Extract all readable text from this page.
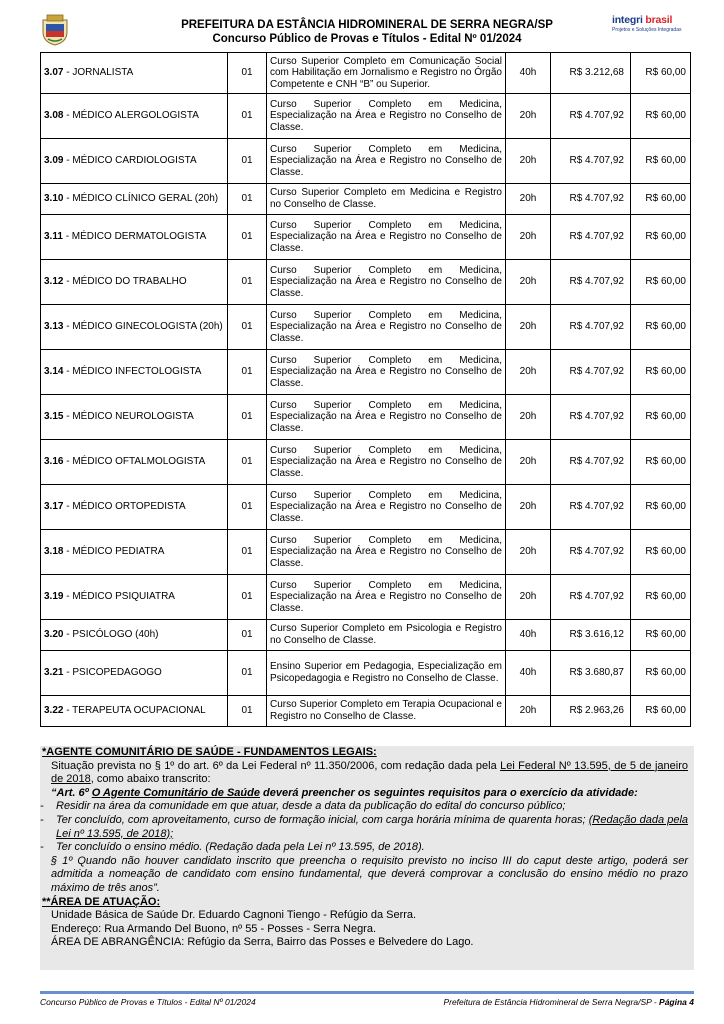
PREFEITURA DA ESTÂNCIA HIDROMINERAL DE SERRA NEGRA/SP
Concurso Público de Provas e Títulos - Edital Nº 01/2024
integri brasil
Projetos e Soluções Integradas
3.07 - JORNALISTA	01	Curso Superior Completo em Comunicação Social com Habilitação em Jornalismo e Registro no Órgão Competente e CNH “B” ou Superior.	40h	R$ 3.212,68	R$ 60,00
3.08 - MÉDICO ALERGOLOGISTA	01	Curso Superior Completo em Medicina, Especialização na Área e Registro no Conselho de Classe.	20h	R$ 4.707,92	R$ 60,00
3.09 - MÉDICO CARDIOLOGISTA	01	Curso Superior Completo em Medicina, Especialização na Área e Registro no Conselho de Classe.	20h	R$ 4.707,92	R$ 60,00
3.10 - MÉDICO CLÍNICO GERAL (20h)	01	Curso Superior Completo em Medicina e Registro no Conselho de Classe.	20h	R$ 4.707,92	R$ 60,00
3.11 - MÉDICO DERMATOLOGISTA	01	Curso Superior Completo em Medicina, Especialização na Área e Registro no Conselho de Classe.	20h	R$ 4.707,92	R$ 60,00
3.12 - MÉDICO DO TRABALHO	01	Curso Superior Completo em Medicina, Especialização na Área e Registro no Conselho de Classe.	20h	R$ 4.707,92	R$ 60,00
3.13 - MÉDICO GINECOLOGISTA (20h)	01	Curso Superior Completo em Medicina, Especialização na Área e Registro no Conselho de Classe.	20h	R$ 4.707,92	R$ 60,00
3.14 - MÉDICO INFECTOLOGISTA	01	Curso Superior Completo em Medicina, Especialização na Área e Registro no Conselho de Classe.	20h	R$ 4.707,92	R$ 60,00
3.15 - MÉDICO NEUROLOGISTA	01	Curso Superior Completo em Medicina, Especialização na Área e Registro no Conselho de Classe.	20h	R$ 4.707,92	R$ 60,00
3.16 - MÉDICO OFTALMOLOGISTA	01	Curso Superior Completo em Medicina, Especialização na Área e Registro no Conselho de Classe.	20h	R$ 4.707,92	R$ 60,00
3.17 - MÉDICO ORTOPEDISTA	01	Curso Superior Completo em Medicina, Especialização na Área e Registro no Conselho de Classe.	20h	R$ 4.707,92	R$ 60,00
3.18 - MÉDICO PEDIATRA	01	Curso Superior Completo em Medicina, Especialização na Área e Registro no Conselho de Classe.	20h	R$ 4.707,92	R$ 60,00
3.19 - MÉDICO PSIQUIATRA	01	Curso Superior Completo em Medicina, Especialização na Área e Registro no Conselho de Classe.	20h	R$ 4.707,92	R$ 60,00
3.20 - PSICÓLOGO (40h)	01	Curso Superior Completo em Psicologia e Registro no Conselho de Classe.	40h	R$ 3.616,12	R$ 60,00
3.21 - PSICOPEDAGOGO	01	Ensino Superior em Pedagogia, Especialização em Psicopedagogia e Registro no Conselho de Classe.	40h	R$ 3.680,87	R$ 60,00
3.22 - TERAPEUTA OCUPACIONAL	01	Curso Superior Completo em Terapia Ocupacional e Registro no Conselho de Classe.	20h	R$ 2.963,26	R$ 60,00
*AGENTE COMUNITÁRIO DE SAÚDE - FUNDAMENTOS LEGAIS:
Situação prevista no § 1º do art. 6º da Lei Federal nº 11.350/2006, com redação dada pela Lei Federal Nº 13.595, de 5 de janeiro de 2018, como abaixo transcrito:
“Art. 6º O Agente Comunitário de Saúde deverá preencher os seguintes requisitos para o exercício da atividade:
-	Residir na área da comunidade em que atuar, desde a data da publicação do edital do concurso público;
-	Ter concluído, com aproveitamento, curso de formação inicial, com carga horária mínima de quarenta horas; (Redação dada pela Lei nº 13.595, de 2018);
-	Ter concluído o ensino médio. (Redação dada pela Lei nº 13.595, de 2018).
§ 1º Quando não houver candidato inscrito que preencha o requisito previsto no inciso III do caput deste artigo, poderá ser admitida a nomeação de candidato com ensino fundamental, que deverá comprovar a conclusão do ensino médio no prazo máximo de três anos”.
**ÁREA DE ATUAÇÃO:
Unidade Básica de Saúde Dr. Eduardo Cagnoni Tiengo - Refúgio da Serra.
Endereço: Rua Armando Del Buono, nº 55 - Posses - Serra Negra.
ÁREA DE ABRANGÊNCIA: Refúgio da Serra, Bairro das Posses e Belvedere do Lago.
Concurso Público de Provas e Títulos - Edital Nº 01/2024	Prefeitura de Estância Hidromineral de Serra Negra/SP - Página 4
